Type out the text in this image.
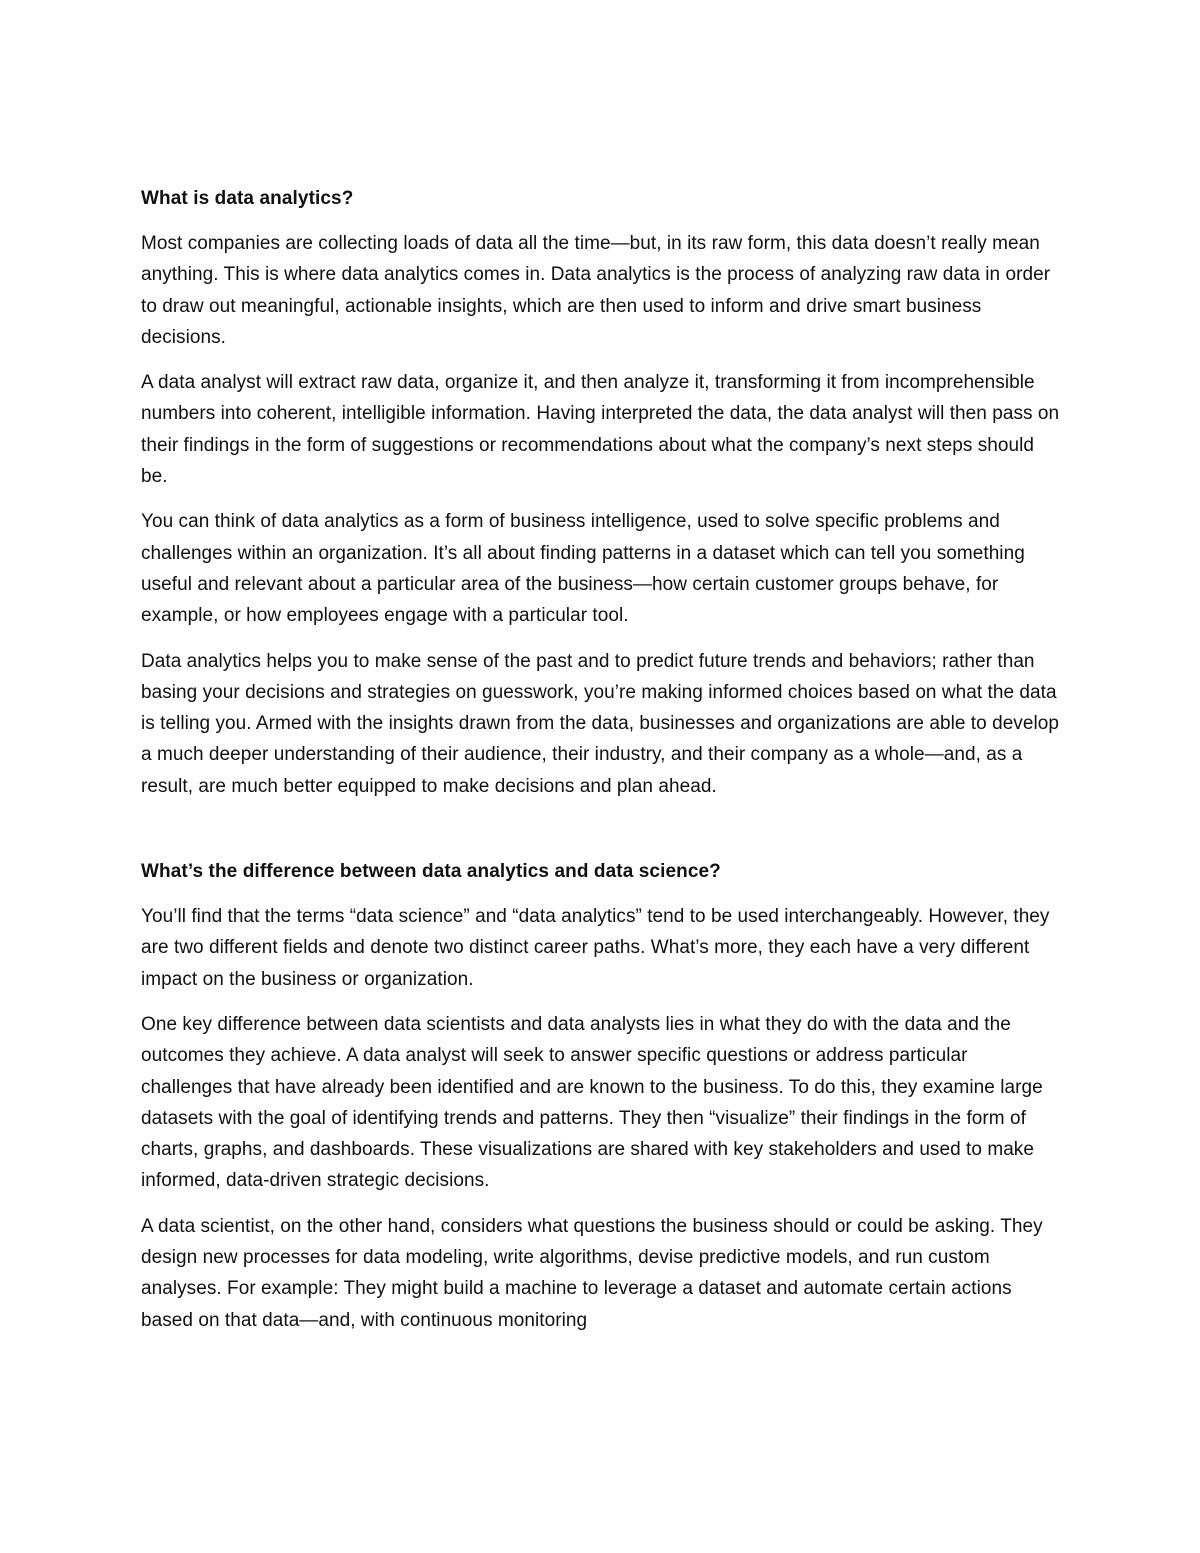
What is data analytics?

Most companies are collecting loads of data all the time—but, in its raw form, this data doesn’t really mean anything. This is where data analytics comes in. Data analytics is the process of analyzing raw data in order to draw out meaningful, actionable insights, which are then used to inform and drive smart business decisions.

A data analyst will extract raw data, organize it, and then analyze it, transforming it from incomprehensible numbers into coherent, intelligible information. Having interpreted the data, the data analyst will then pass on their findings in the form of suggestions or recommendations about what the company’s next steps should be.

You can think of data analytics as a form of business intelligence, used to solve specific problems and challenges within an organization. It’s all about finding patterns in a dataset which can tell you something useful and relevant about a particular area of the business—how certain customer groups behave, for example, or how employees engage with a particular tool.

Data analytics helps you to make sense of the past and to predict future trends and behaviors; rather than basing your decisions and strategies on guesswork, you’re making informed choices based on what the data is telling you. Armed with the insights drawn from the data, businesses and organizations are able to develop a much deeper understanding of their audience, their industry, and their company as a whole—and, as a result, are much better equipped to make decisions and plan ahead.

What’s the difference between data analytics and data science?

You’ll find that the terms “data science” and “data analytics” tend to be used interchangeably. However, they are two different fields and denote two distinct career paths. What’s more, they each have a very different impact on the business or organization.

One key difference between data scientists and data analysts lies in what they do with the data and the outcomes they achieve. A data analyst will seek to answer specific questions or address particular challenges that have already been identified and are known to the business. To do this, they examine large datasets with the goal of identifying trends and patterns. They then “visualize” their findings in the form of charts, graphs, and dashboards. These visualizations are shared with key stakeholders and used to make informed, data-driven strategic decisions.

A data scientist, on the other hand, considers what questions the business should or could be asking. They design new processes for data modeling, write algorithms, devise predictive models, and run custom analyses. For example: They might build a machine to leverage a dataset and automate certain actions based on that data—and, with continuous monitoring
